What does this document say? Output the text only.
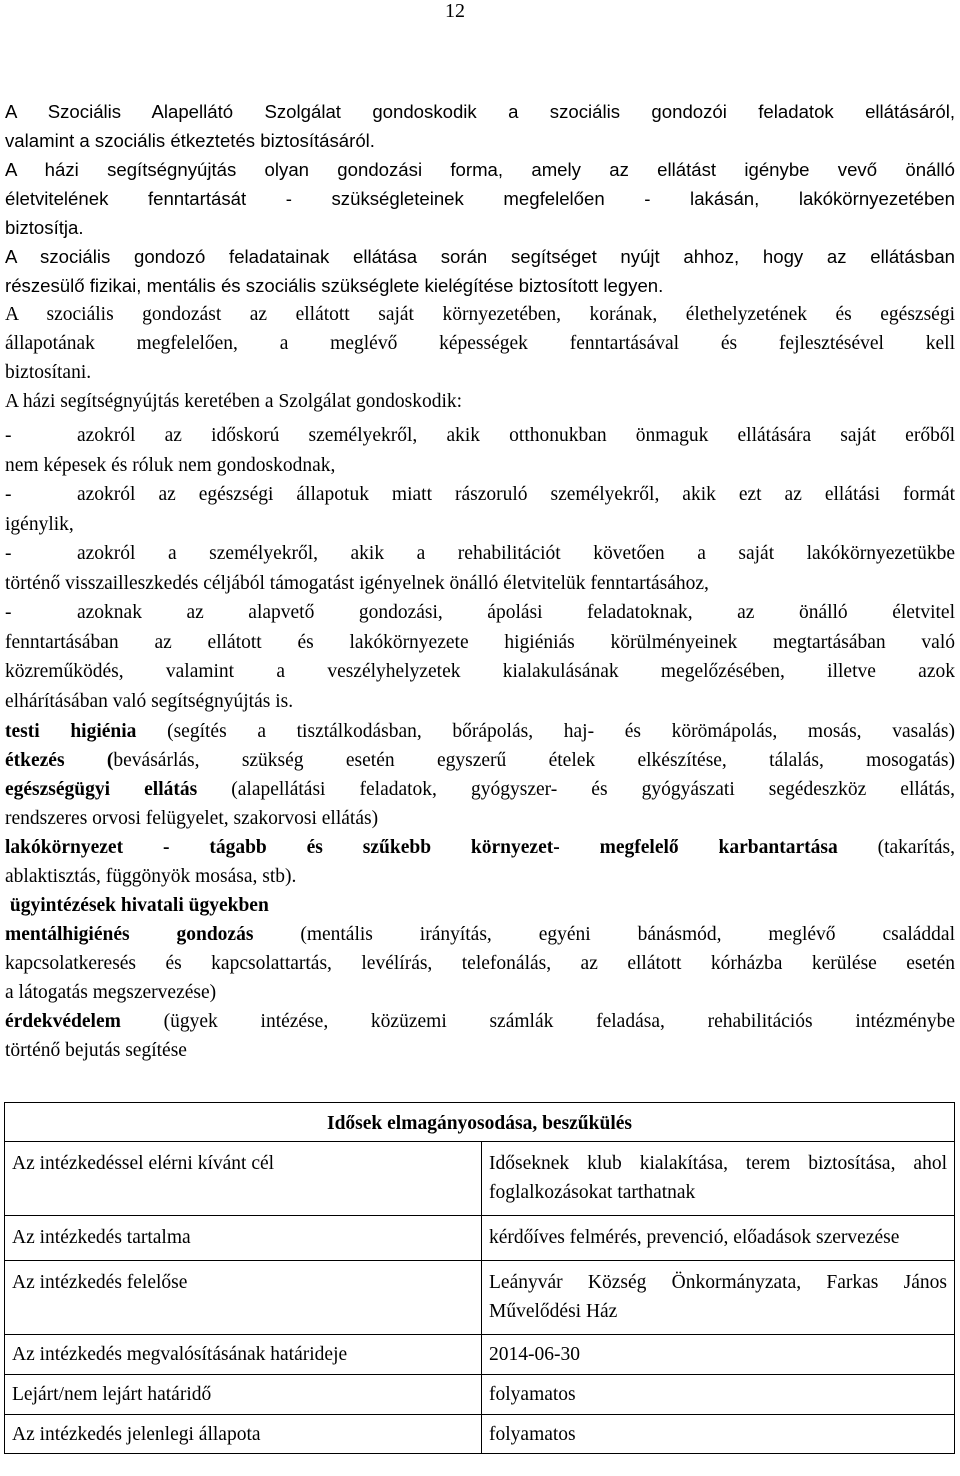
12
A Szociális Alapellátó Szolgálat gondoskodik a szociális gondozói feladatok ellátásáról,
valamint a szociális étkeztetés biztosításáról.
A házi segítségnyújtás olyan gondozási forma, amely az ellátást igénybe vevő önálló
életvitelének fenntartását - szükségleteinek megfelelően - lakásán, lakókörnyezetében
biztosítja.
A szociális gondozó feladatainak ellátása során segítséget nyújt ahhoz, hogy az ellátásban
részesülő fizikai, mentális és szociális szükséglete kielégítése biztosított legyen.
A szociális gondozást az ellátott saját környezetében, korának, élethelyzetének és egészségi
állapotának megfelelően, a meglévő képességek fenntartásával és fejlesztésével kell
biztosítani.
A házi segítségnyújtás keretében a Szolgálat gondoskodik:
-	azokról az időskorú személyekről, akik otthonukban önmaguk ellátására saját erőből
nem képesek és róluk nem gondoskodnak,
-	azokról az egészségi állapotuk miatt rászoruló személyekről, akik ezt az ellátási formát
igénylik,
-	azokról a személyekről, akik a rehabilitációt követően a saját lakókörnyezetükbe
történő visszailleszkedés céljából támogatást igényelnek önálló életvitelük fenntartásához,
-	azoknak az alapvető gondozási, ápolási feladatoknak, az önálló életvitel
fenntartásában az ellátott és lakókörnyezete higiéniás körülményeinek megtartásában való
közreműködés, valamint a veszélyhelyzetek kialakulásának megelőzésében, illetve azok
elhárításában való segítségnyújtás is.
testi higiénia (segítés a tisztálkodásban, bőrápolás, haj- és körömápolás, mosás, vasalás)
étkezés (bevásárlás, szükség esetén egyszerű ételek elkészítése, tálalás, mosogatás)
egészségügyi ellátás (alapellátási feladatok, gyógyszer- és gyógyászati segédeszköz ellátás,
rendszeres orvosi felügyelet, szakorvosi ellátás)
lakókörnyezet - tágabb és szűkebb környezet- megfelelő karbantartása (takarítás,
ablaktisztás, függönyök mosása, stb).
ügyintézések hivatali ügyekben
mentálhigiénés gondozás (mentális irányítás, egyéni bánásmód, meglévő családdal
kapcsolatkeresés és kapcsolattartás, levélírás, telefonálás, az ellátott kórházba kerülése esetén
a látogatás megszervezése)
érdekvédelem (ügyek intézése, közüzemi számlák feladása, rehabilitációs intézménybe
történő bejutás segítése
Idősek elmagányosodása, beszűkülés	
Az intézkedéssel elérni kívánt cél	Időseknek klub kialakítása, terem biztosítása, ahol foglalkozásokat tarthatnak
Az intézkedés tartalma	kérdőíves felmérés, prevenció, előadások szervezése
Az intézkedés felelőse	Leányvár Község Önkormányzata, Farkas János Művelődési Ház
Az intézkedés megvalósításának határideje	2014-06-30
Lejárt/nem lejárt határidő	folyamatos
Az intézkedés jelenlegi állapota	folyamatos
